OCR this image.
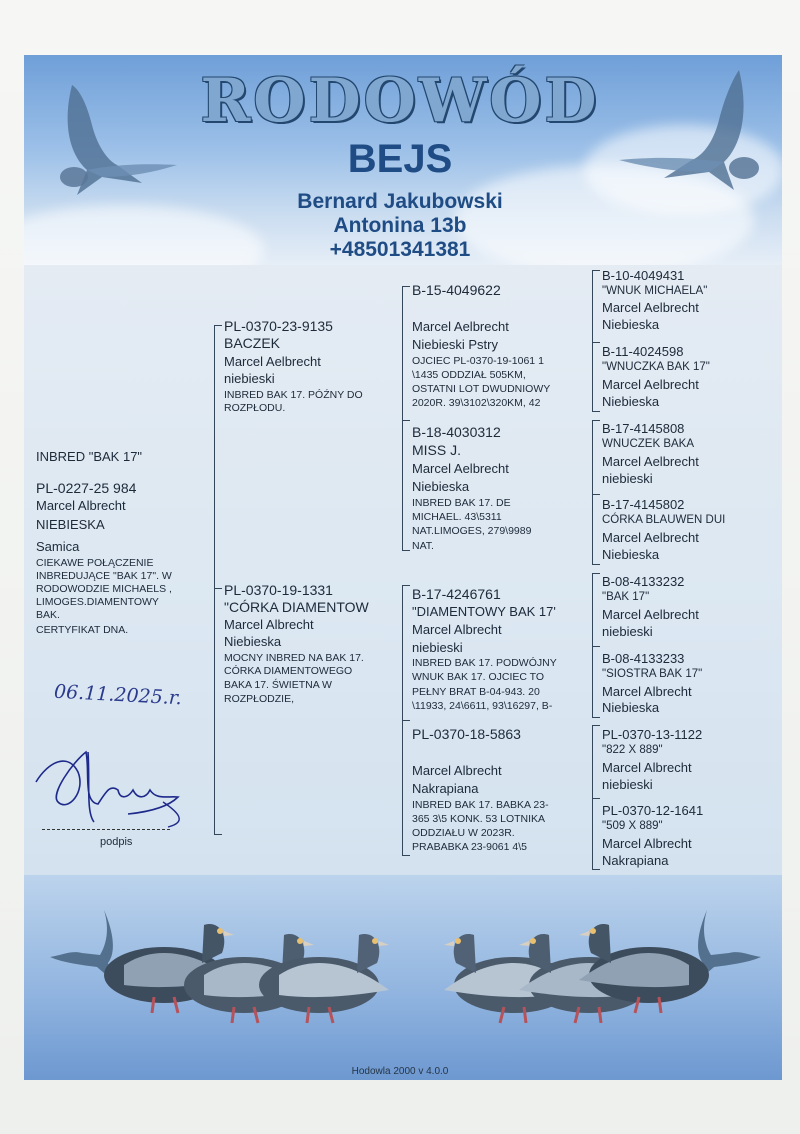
RODOWÓD
BEJS
Bernard Jakubowski
Antonina 13b
+48501341381
INBRED "BAK 17"
PL-0227-25 984
Marcel Albrecht
NIEBIESKA
Samica
CIEKAWE POŁĄCZENIE
INBREDUJĄCE "BAK 17". W
RODOWODZIE MICHAELS ,
LIMOGES.DIAMENTOWY
BAK.
CERTYFIKAT DNA.
06.11.2025.r.
podpis
PL-0370-23-9135
BACZEK
Marcel Aelbrecht
niebieski
INBRED BAK 17. PÓŹNY DO
ROZPŁODU.
PL-0370-19-1331
"CÓRKA DIAMENTOW
Marcel Albrecht
Niebieska
MOCNY INBRED NA BAK 17.
CÓRKA DIAMENTOWEGO
BAKA 17. ŚWIETNA W
ROZPŁODZIE,
B-15-4049622
Marcel Aelbrecht
Niebieski Pstry
OJCIEC PL-0370-19-1061 1
\1435 ODDZIAŁ 505KM,
OSTATNI LOT DWUDNIOWY
2020R. 39\3102\320KM, 42
B-18-4030312
MISS J.
Marcel Aelbrecht
Niebieska
INBRED BAK 17. DE
MICHAEL. 43\5311
NAT.LIMOGES, 279\9989
NAT.
B-17-4246761
"DIAMENTOWY BAK 17'
Marcel Albrecht
niebieski
INBRED BAK 17. PODWÓJNY
WNUK BAK 17. OJCIEC TO
PEŁNY BRAT B-04-943. 20
\11933, 24\6611, 93\16297, B-
PL-0370-18-5863
Marcel Albrecht
Nakrapiana
INBRED BAK 17. BABKA 23-
365 3\5 KONK. 53 LOTNIKA
ODDZIAŁU W 2023R.
PRABABKA 23-9061 4\5
B-10-4049431
"WNUK MICHAELA"
Marcel Aelbrecht
Niebieska
B-11-4024598
"WNUCZKA BAK 17"
Marcel Aelbrecht
Niebieska
B-17-4145808
WNUCZEK BAKA
Marcel Aelbrecht
niebieski
B-17-4145802
CÓRKA BLAUWEN DUI
Marcel Aelbrecht
Niebieska
B-08-4133232
"BAK 17"
Marcel Aelbrecht
niebieski
B-08-4133233
"SIOSTRA BAK 17"
Marcel Albrecht
Niebieska
PL-0370-13-1122
"822 X 889"
Marcel Albrecht
niebieski
PL-0370-12-1641
"509 X 889"
Marcel Albrecht
Nakrapiana
Hodowla 2000 v 4.0.0
